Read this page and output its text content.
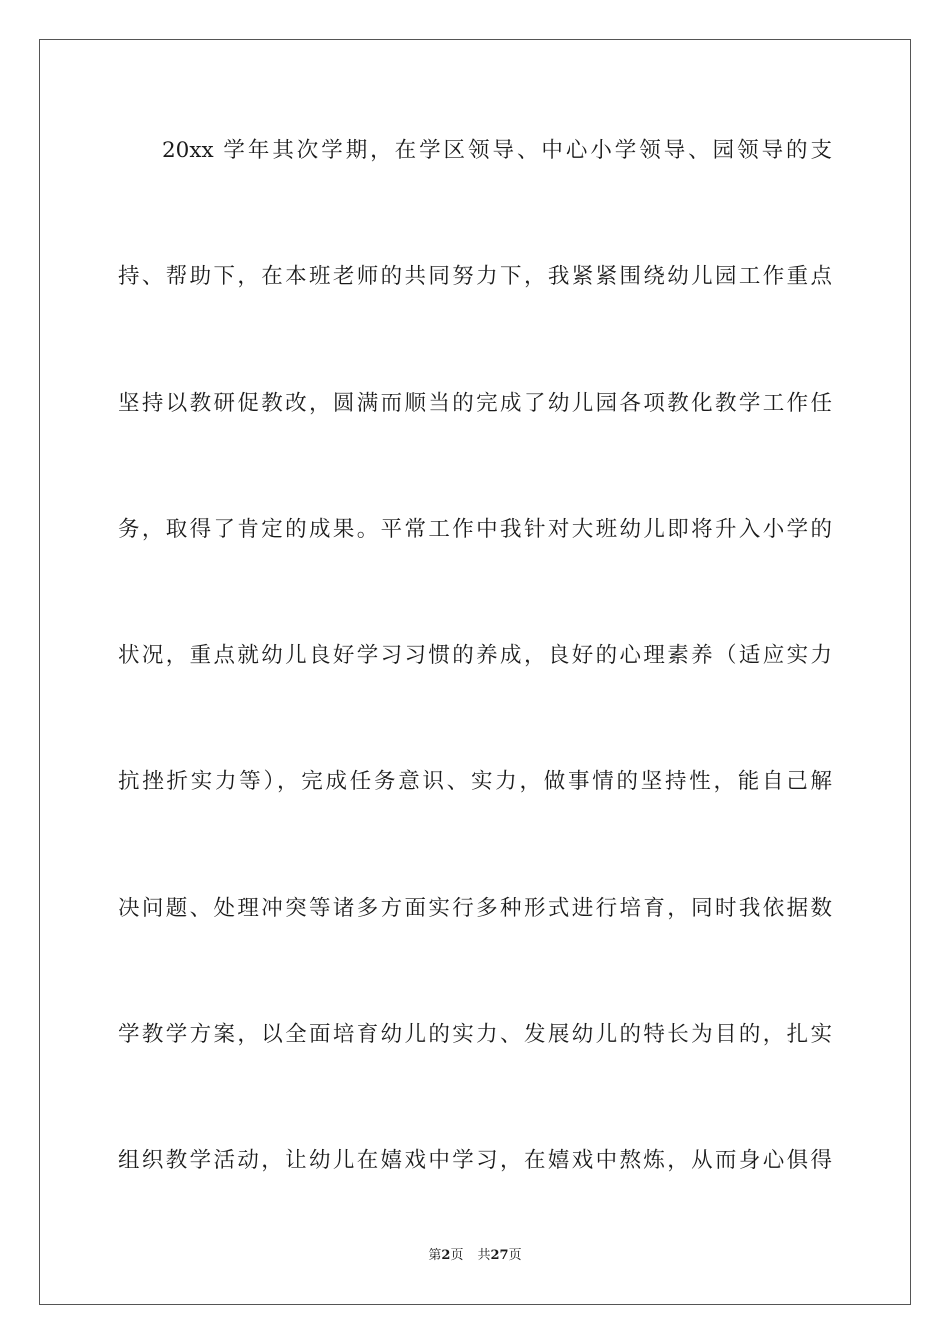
20xx 学年其次学期，在学区领导、中心小学领导、园领导的支
持、帮助下，在本班老师的共同努力下，我紧紧围绕幼儿园工作重点
坚持以教研促教改，圆满而顺当的完成了幼儿园各项教化教学工作任
务，取得了肯定的成果。平常工作中我针对大班幼儿即将升入小学的
状况，重点就幼儿良好学习习惯的养成，良好的心理素养（适应实力
抗挫折实力等），完成任务意识、实力，做事情的坚持性，能自己解
决问题、处理冲突等诸多方面实行多种形式进行培育，同时我依据数
学教学方案，以全面培育幼儿的实力、发展幼儿的特长为目的，扎实
组织教学活动，让幼儿在嬉戏中学习，在嬉戏中熬炼，从而身心俱得
第2页 共27页
